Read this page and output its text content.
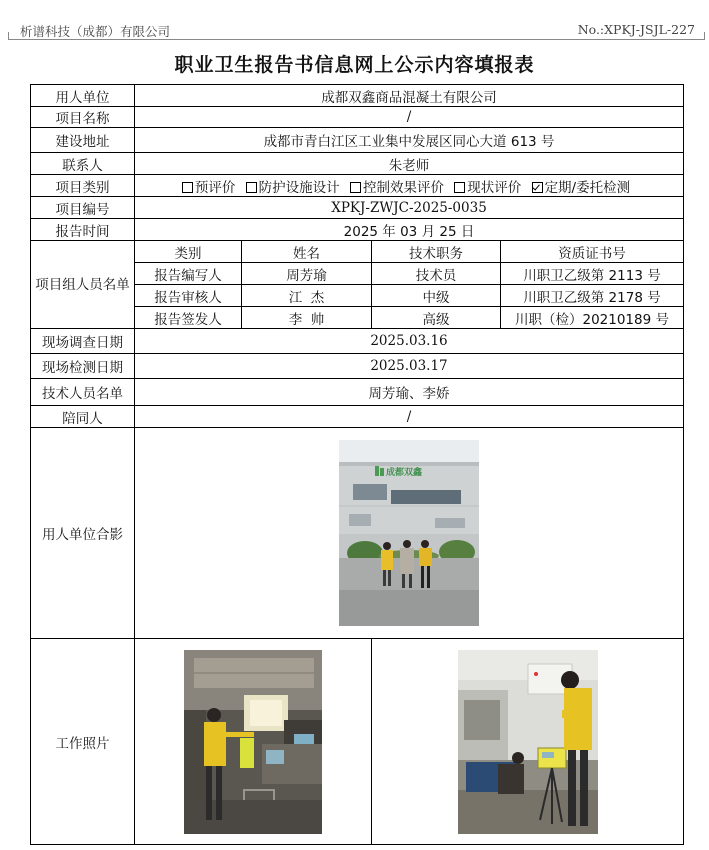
析谱科技（成都）有限公司	No.:XPKJ-JSJL-227
职业卫生报告书信息网上公示内容填报表
用人单位	成都双鑫商品混凝土有限公司			
项目名称	/			
建设地址	成都市青白江区工业集中发展区同心大道 613 号			
联系人	朱老师			
项目类别	预评价 防护设施设计 控制效果评价 现状评价 定期/委托检测			
项目编号	XPKJ-ZWJC-2025-0035			
报告时间	2025 年 03 月 25 日			
项目组人员名单	类别	姓名	技术职务	资质证书号
	报告编写人	周芳瑜	技术员	川职卫乙级第 2113 号
	报告审核人	江  杰	中级	川职卫乙级第 2178 号
	报告签发人	李  帅	高级	川职（检）20210189 号
现场调查日期	2025.03.16			
现场检测日期	2025.03.17			
技术人员名单	周芳瑜、李娇			
陪同人	/			
用人单位合影	成都双鑫			

工作照片	
